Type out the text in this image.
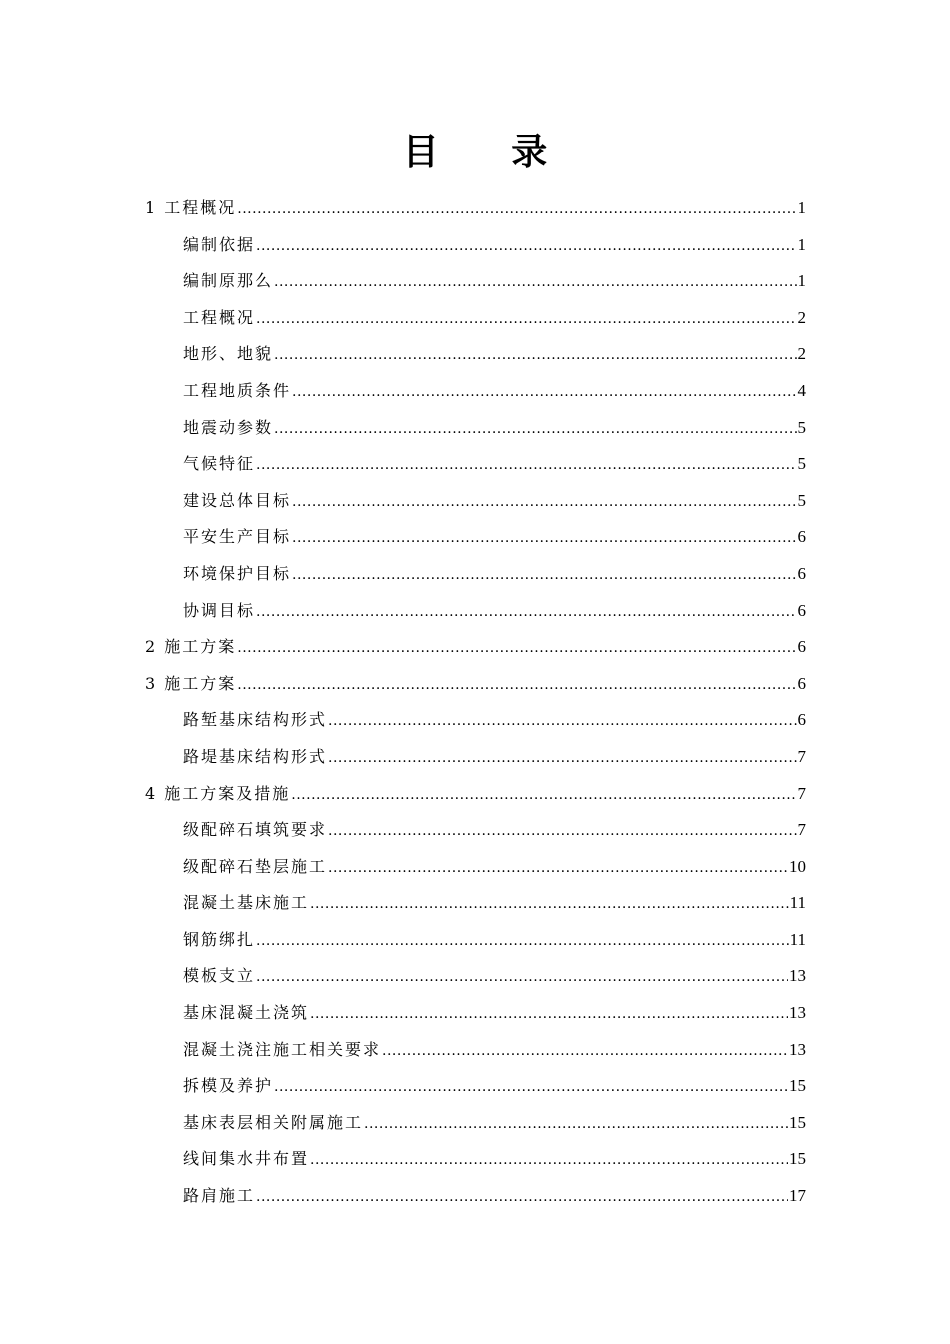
目 录
1 工程概况 .....	1
编制依据 .....	1
编制原那么 .....	1
工程概况 .....	2
地形、地貌 .....	2
工程地质条件 .....	4
地震动参数 .....	5
气候特征 .....	5
建设总体目标 .....	5
平安生产目标 .....	6
环境保护目标 .....	6
协调目标 .....	6
2 施工方案 .....	6
3 施工方案 .....	6
路堑基床结构形式 .....	6
路堤基床结构形式 .....	7
4 施工方案及措施 .....	7
级配碎石填筑要求 .....	7
级配碎石垫层施工 .....	10
混凝土基床施工 .....	11
钢筋绑扎 .....	11
模板支立 .....	13
基床混凝土浇筑 .....	13
混凝土浇注施工相关要求 .....	13
拆模及养护 .....	15
基床表层相关附属施工 .....	15
线间集水井布置 .....	15
路肩施工 .....	17
